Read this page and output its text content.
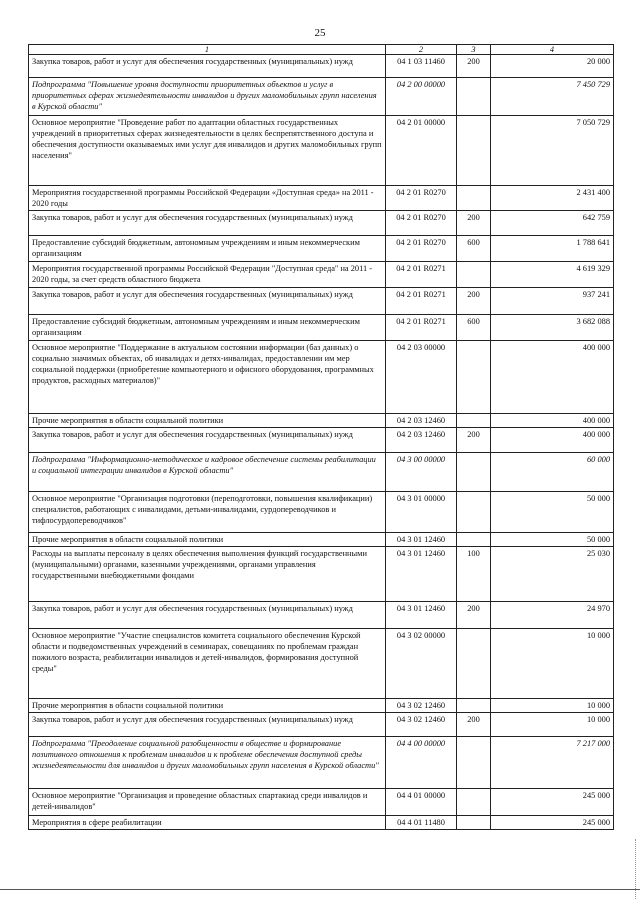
25
1	2	3	4
Закупка товаров, работ и услуг для обеспечения государственных (муниципальных) нужд	04 1 03 11460	200	20 000
Подпрограмма "Повышение уровня доступности приоритетных объектов и услуг в приоритетных сферах жизнедеятельности инвалидов и других маломобильных групп населения в Курской области"	04 2 00 00000		7 450 729
Основное мероприятие "Проведение работ по адаптации областных государственных учреждений в приоритетных сферах жизнедеятельности в целях беспрепятственного доступа и обеспечения доступности оказываемых ими услуг для инвалидов и других маломобильных групп населения"	04 2 01 00000		7 050 729
Мероприятия государственной программы Российской Федерации «Доступная среда» на 2011 - 2020 годы	04 2 01 R0270		2 431 400
Закупка товаров, работ и услуг для обеспечения государственных (муниципальных) нужд	04 2 01 R0270	200	642 759
Предоставление субсидий бюджетным, автономным учреждениям и иным некоммерческим организациям	04 2 01 R0270	600	1 788 641
Мероприятия государственной программы Российской Федерации "Доступная среда" на 2011 - 2020 годы, за счет средств областного бюджета	04 2 01 R0271		4 619 329
Закупка товаров, работ и услуг для обеспечения государственных (муниципальных) нужд	04 2 01 R0271	200	937 241
Предоставление субсидий бюджетным, автономным учреждениям и иным некоммерческим организациям	04 2 01 R0271	600	3 682 088
Основное мероприятие "Поддержание в актуальном состоянии информации (баз данных) о социально значимых объектах, об инвалидах и детях-инвалидах, предоставлении им мер социальной поддержки (приобретение компьютерного и офисного оборудования, программных продуктов, расходных материалов)"	04 2 03 00000		400 000
Прочие мероприятия в области социальной политики	04 2 03 12460		400 000
Закупка товаров, работ и услуг для обеспечения государственных (муниципальных) нужд	04 2 03 12460	200	400 000
Подпрограмма "Информационно-методическое и кадровое обеспечение системы реабилитации и социальной интеграции инвалидов в Курской области"	04 3 00 00000		60 000
Основное мероприятие "Организация подготовки (переподготовки, повышения квалификации) специалистов, работающих с инвалидами, детьми-инвалидами, сурдопереводчиков и тифлосурдопереводчиков"	04 3 01 00000		50 000
Прочие мероприятия в области социальной политики	04 3 01 12460		50 000
Расходы на выплаты персоналу в целях обеспечения выполнения функций государственными (муниципальными) органами, казенными учреждениями, органами управления государственными внебюджетными фондами	04 3 01 12460	100	25 030
Закупка товаров, работ и услуг для обеспечения государственных (муниципальных) нужд	04 3 01 12460	200	24 970
Основное мероприятие "Участие специалистов комитета социального обеспечения Курской области и подведомственных учреждений в семинарах, совещаниях по проблемам граждан пожилого возраста, реабилитации инвалидов и детей-инвалидов, формирования доступной среды"	04 3 02 00000		10 000
Прочие мероприятия в области социальной политики	04 3 02 12460		10 000
Закупка товаров, работ и услуг для обеспечения государственных (муниципальных) нужд	04 3 02 12460	200	10 000
Подпрограмма "Преодоление социальной разобщенности в обществе и формирование позитивного отношения к проблемам инвалидов и к проблеме обеспечения доступной среды жизнедеятельности для инвалидов и других маломобильных групп населения в Курской области"	04 4 00 00000		7 217 000
Основное мероприятие "Организация и проведение областных спартакиад среди инвалидов и детей-инвалидов"	04 4 01 00000		245 000
Мероприятия в сфере реабилитации	04 4 01 11480		245 000
